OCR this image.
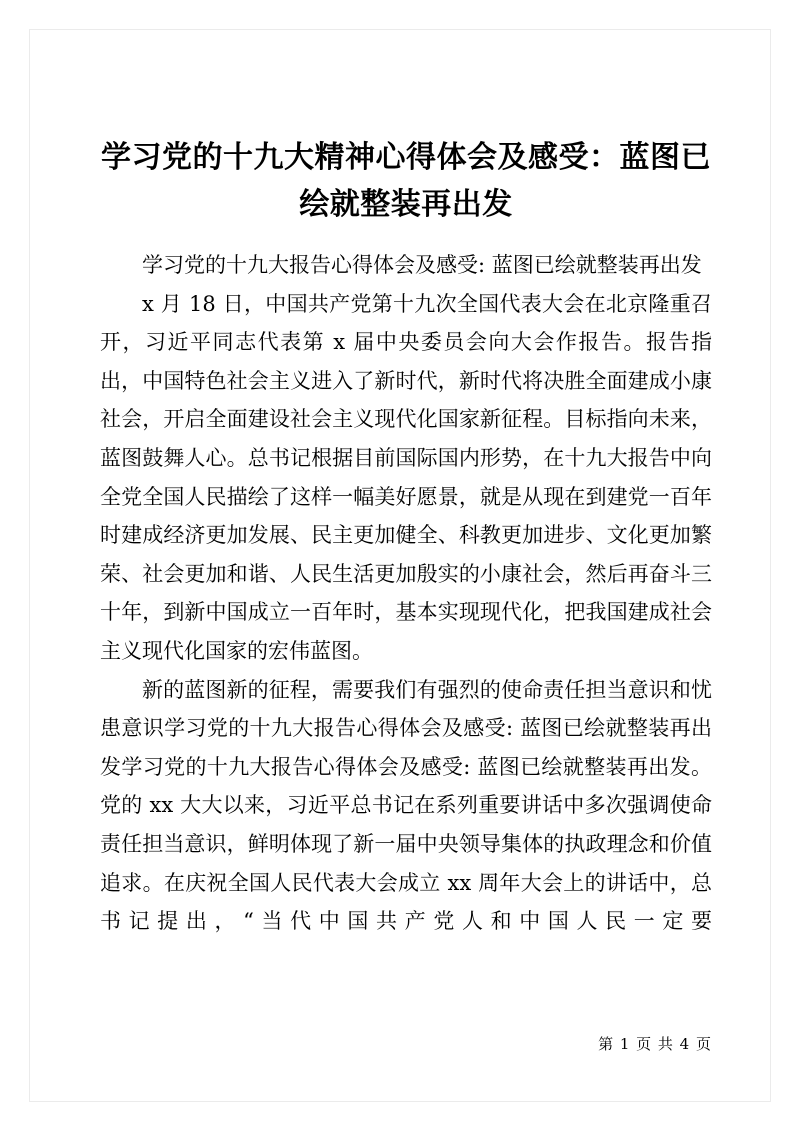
学习党的十九大精神心得体会及感受：蓝图已绘就整装再出发

学习党的十九大报告心得体会及感受: 蓝图已绘就整装再出发

x 月 18 日，中国共产党第十九次全国代表大会在北京隆重召开，习近平同志代表第 x 届中央委员会向大会作报告。报告指出，中国特色社会主义进入了新时代，新时代将决胜全面建成小康社会，开启全面建设社会主义现代化国家新征程。目标指向未来，蓝图鼓舞人心。总书记根据目前国际国内形势，在十九大报告中向全党全国人民描绘了这样一幅美好愿景，就是从现在到建党一百年时建成经济更加发展、民主更加健全、科教更加进步、文化更加繁荣、社会更加和谐、人民生活更加殷实的小康社会，然后再奋斗三十年，到新中国成立一百年时，基本实现现代化，把我国建成社会主义现代化国家的宏伟蓝图。

新的蓝图新的征程，需要我们有强烈的使命责任担当意识和忧患意识学习党的十九大报告心得体会及感受: 蓝图已绘就整装再出发学习党的十九大报告心得体会及感受: 蓝图已绘就整装再出发。党的 xx 大大以来，习近平总书记在系列重要讲话中多次强调使命责任担当意识，鲜明体现了新一届中央领导集体的执政理念和价值追求。在庆祝全国人民代表大会成立 xx 周年大会上的讲话中，总书记提出，“当代中国共产党人和中国人民一定要

第 1 页 共 4 页
